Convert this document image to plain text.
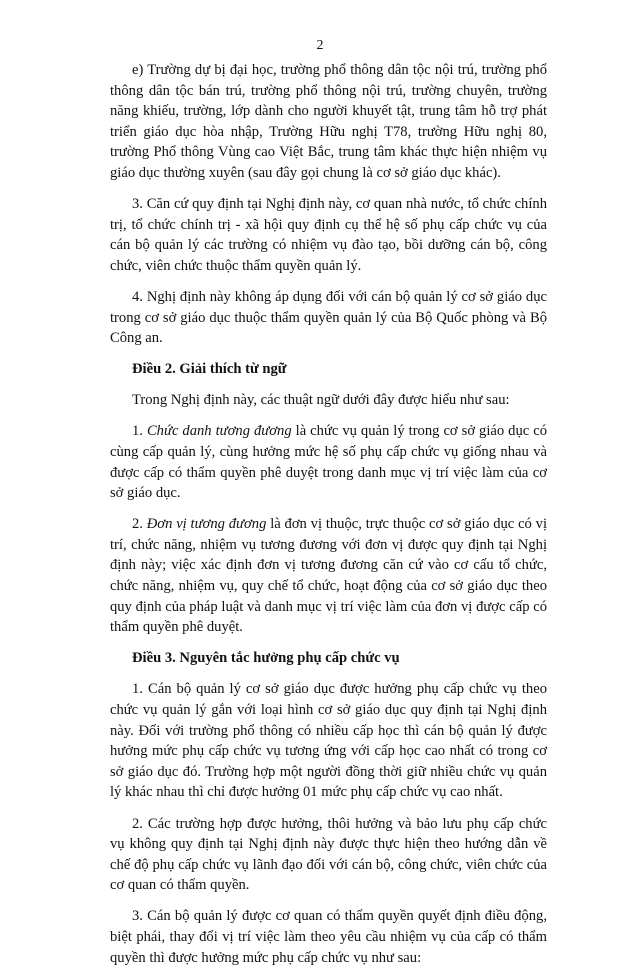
2

e) Trường dự bị đại học, trường phổ thông dân tộc nội trú, trường phổ thông dân tộc bán trú, trường phổ thông nội trú, trường chuyên, trường năng khiếu, trường, lớp dành cho người khuyết tật, trung tâm hỗ trợ phát triển giáo dục hòa nhập, Trường Hữu nghị T78, trường Hữu nghị 80, trường Phổ thông Vùng cao Việt Bắc, trung tâm khác thực hiện nhiệm vụ giáo dục thường xuyên (sau đây gọi chung là cơ sở giáo dục khác).

3. Căn cứ quy định tại Nghị định này, cơ quan nhà nước, tổ chức chính trị, tổ chức chính trị - xã hội quy định cụ thể hệ số phụ cấp chức vụ của cán bộ quản lý các trường có nhiệm vụ đào tạo, bồi dưỡng cán bộ, công chức, viên chức thuộc thẩm quyền quản lý.

4. Nghị định này không áp dụng đối với cán bộ quản lý cơ sở giáo dục trong cơ sở giáo dục thuộc thẩm quyền quản lý của Bộ Quốc phòng và Bộ Công an.

Điều 2. Giải thích từ ngữ

Trong Nghị định này, các thuật ngữ dưới đây được hiểu như sau:

1. Chức danh tương đương là chức vụ quản lý trong cơ sở giáo dục có cùng cấp quản lý, cùng hưởng mức hệ số phụ cấp chức vụ giống nhau và được cấp có thẩm quyền phê duyệt trong danh mục vị trí việc làm của cơ sở giáo dục.

2. Đơn vị tương đương là đơn vị thuộc, trực thuộc cơ sở giáo dục có vị trí, chức năng, nhiệm vụ tương đương với đơn vị được quy định tại Nghị định này; việc xác định đơn vị tương đương căn cứ vào cơ cấu tổ chức, chức năng, nhiệm vụ, quy chế tổ chức, hoạt động của cơ sở giáo dục theo quy định của pháp luật và danh mục vị trí việc làm của đơn vị được cấp có thẩm quyền phê duyệt.

Điều 3. Nguyên tắc hưởng phụ cấp chức vụ

1. Cán bộ quản lý cơ sở giáo dục được hưởng phụ cấp chức vụ theo chức vụ quản lý gắn với loại hình cơ sở giáo dục quy định tại Nghị định này. Đối với trường phổ thông có nhiều cấp học thì cán bộ quản lý được hưởng mức phụ cấp chức vụ tương ứng với cấp học cao nhất có trong cơ sở giáo dục đó. Trường hợp một người đồng thời giữ nhiều chức vụ quản lý khác nhau thì chỉ được hưởng 01 mức phụ cấp chức vụ cao nhất.

2. Các trường hợp được hưởng, thôi hưởng và bảo lưu phụ cấp chức vụ không quy định tại Nghị định này được thực hiện theo hướng dẫn về chế độ phụ cấp chức vụ lãnh đạo đối với cán bộ, công chức, viên chức của cơ quan có thẩm quyền.

3. Cán bộ quản lý được cơ quan có thẩm quyền quyết định điều động, biệt phái, thay đổi vị trí việc làm theo yêu cầu nhiệm vụ của cấp có thẩm quyền thì được hưởng mức phụ cấp chức vụ như sau:
